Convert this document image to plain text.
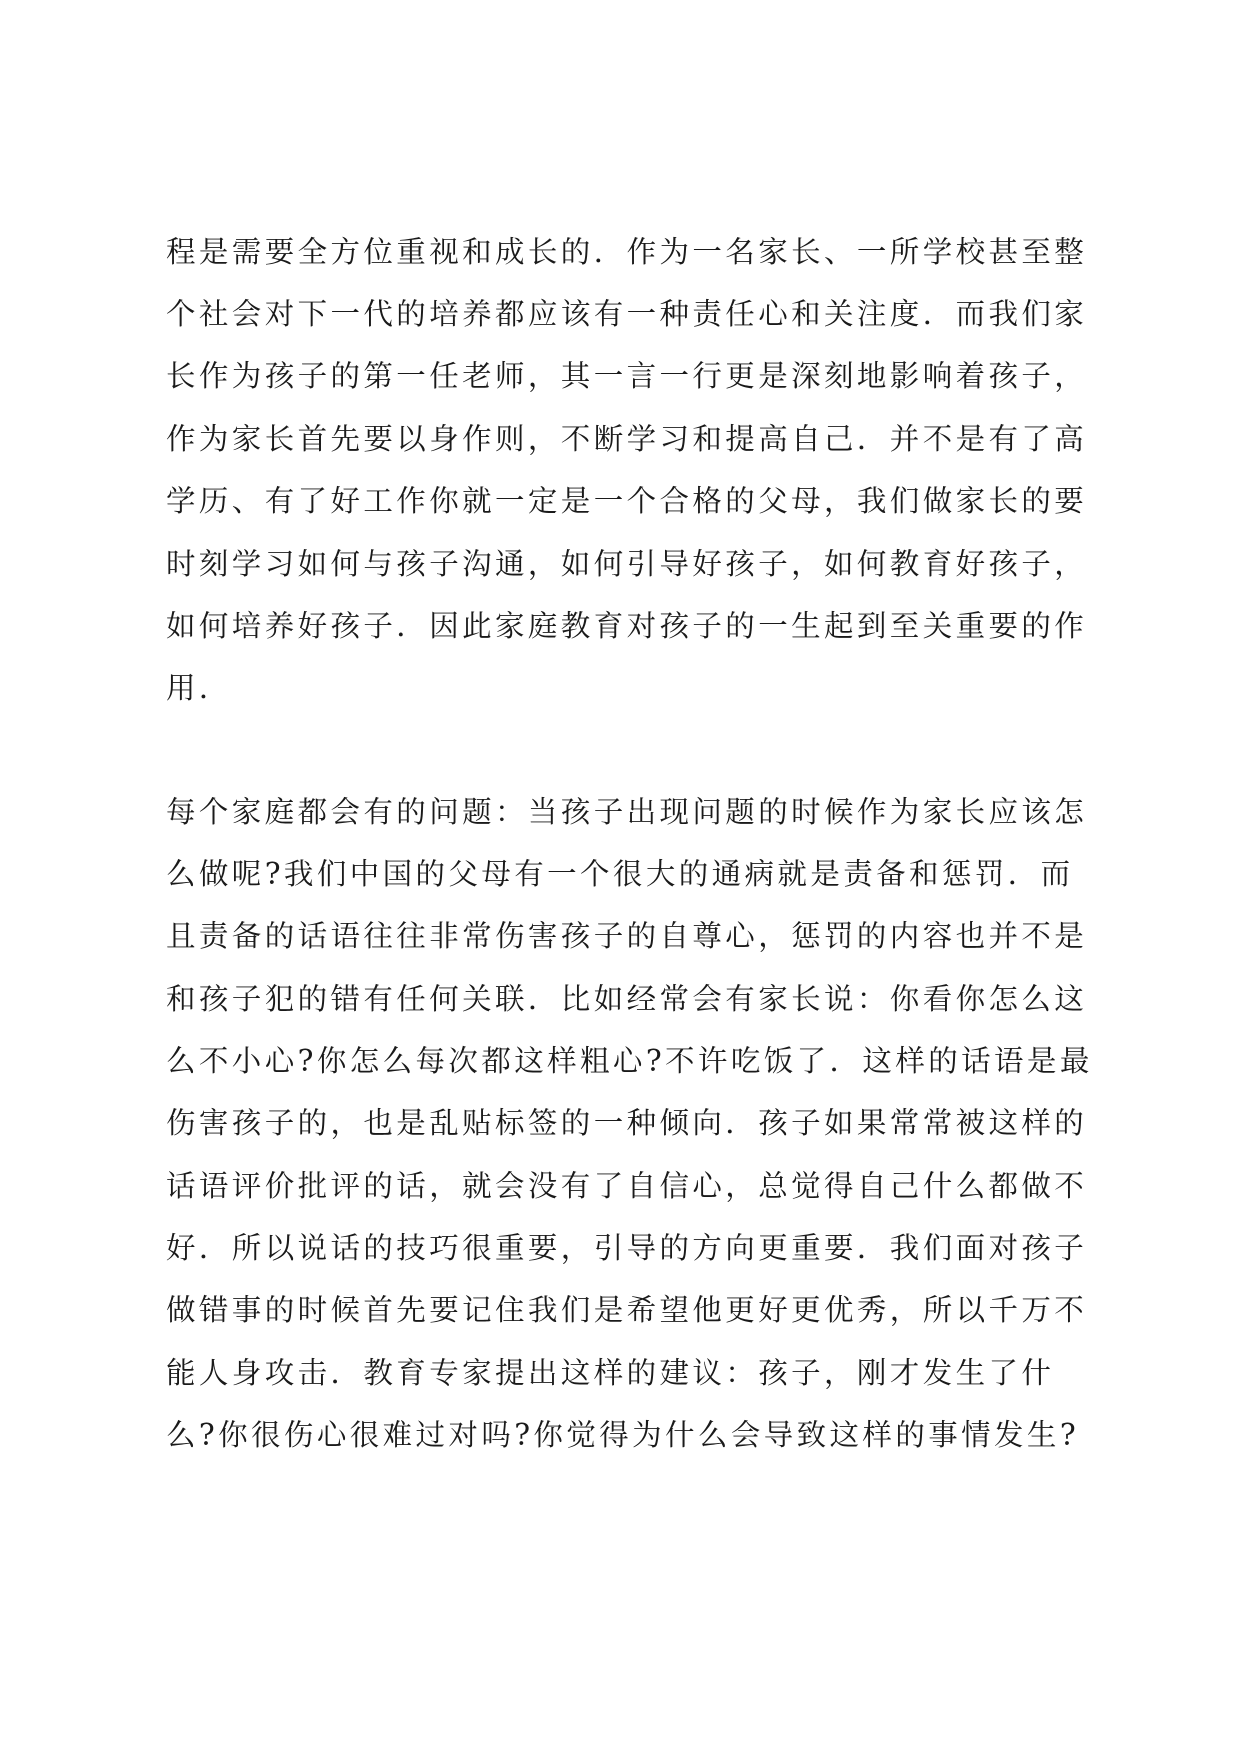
程是需要全方位重视和成长的．作为一名家长、一所学校甚至整

个社会对下一代的培养都应该有一种责任心和关注度．而我们家

长作为孩子的第一任老师，其一言一行更是深刻地影响着孩子，

作为家长首先要以身作则，不断学习和提高自己．并不是有了高

学历、有了好工作你就一定是一个合格的父母，我们做家长的要

时刻学习如何与孩子沟通，如何引导好孩子，如何教育好孩子，

如何培养好孩子．因此家庭教育对孩子的一生起到至关重要的作

用．

每个家庭都会有的问题：当孩子出现问题的时候作为家长应该怎

么做呢?我们中国的父母有一个很大的通病就是责备和惩罚．而

且责备的话语往往非常伤害孩子的自尊心，惩罚的内容也并不是

和孩子犯的错有任何关联．比如经常会有家长说：你看你怎么这

么不小心?你怎么每次都这样粗心?不许吃饭了．这样的话语是最

伤害孩子的，也是乱贴标签的一种倾向．孩子如果常常被这样的

话语评价批评的话，就会没有了自信心，总觉得自己什么都做不

好．所以说话的技巧很重要，引导的方向更重要．我们面对孩子

做错事的时候首先要记住我们是希望他更好更优秀，所以千万不

能人身攻击．教育专家提出这样的建议：孩子，刚才发生了什

么?你很伤心很难过对吗?你觉得为什么会导致这样的事情发生?
